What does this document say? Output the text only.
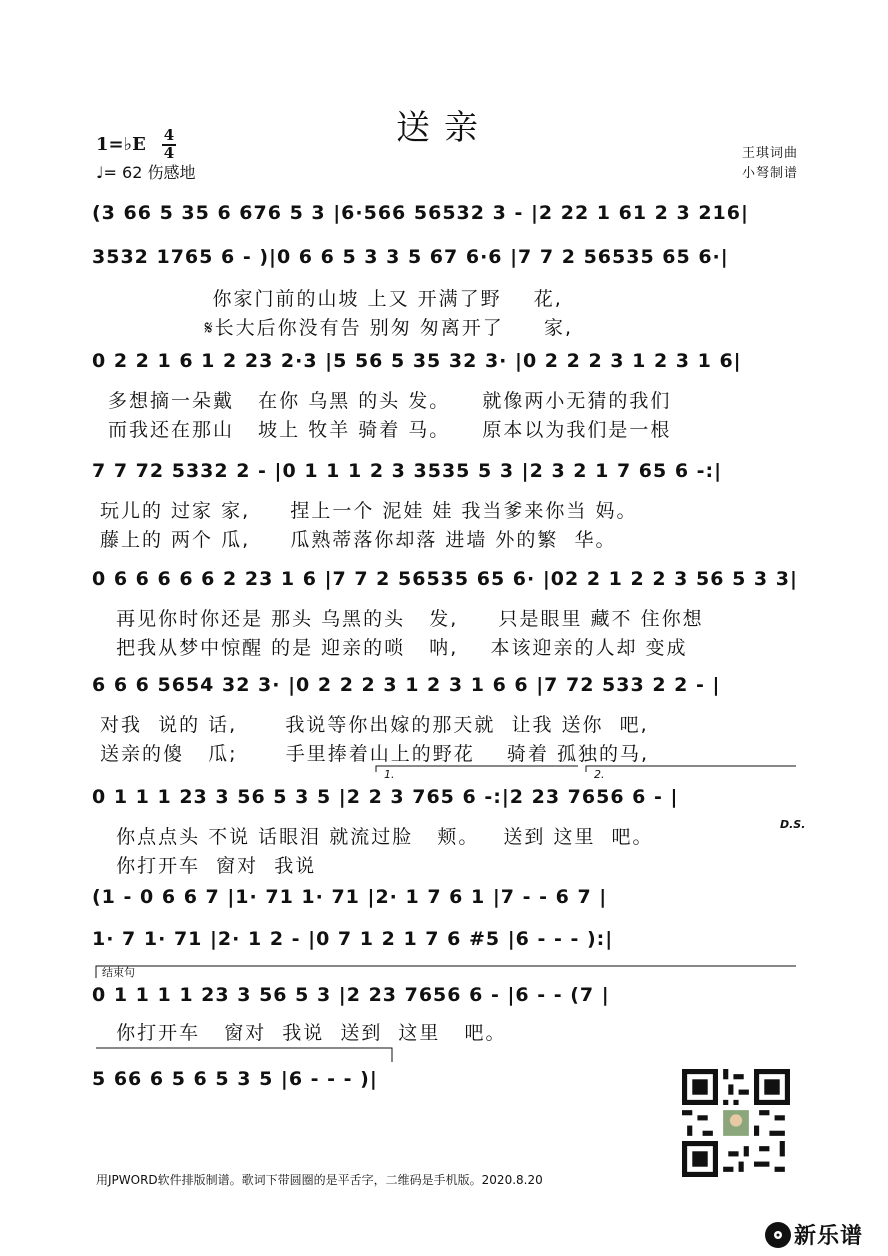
送亲
1=♭E 4
4
♩= 62 伤感地
王琪词曲
小弩制谱
(3 66 5 35 6 676 5 3 |6·566 56532 3 - |2 22 1 61 2 3 216|
3532 1765 6 - )|0 6 6 5 3 3 5 67 6·6 |7 7 2 56535 65 6·|
你家门前的山坡 上又 开满了野    花,
𝄋长大后你没有告 别匆 匆离开了     家,
0 2 2 1 6 1 2 23 2·3 |5 56 5 35 32 3· |0 2 2 2 3 1 2 3 1 6|
多想摘一朵戴   在你 乌黑 的头 发。    就像两小无猜的我们
而我还在那山   坡上 牧羊 骑着 马。    原本以为我们是一根
7 7 72 5332 2 - |0 1 1 1 2 3 3535 5 3 |2 3 2 1 7 65 6 -:|
玩儿的 过家 家,     捏上一个 泥娃 娃 我当爹来你当 妈。
藤上的 两个 瓜,     瓜熟蒂落你却落 进墙 外的繁  华。
0 6 6 6 6 6 2 23 1 6 |7 7 2 56535 65 6· |02 2 1 2 2 3 56 5 3 3|
再见你时你还是 那头 乌黑的头   发,     只是眼里 藏不 住你想
把我从梦中惊醒 的是 迎亲的唢   呐,    本该迎亲的人却 变成
6 6 6 5654 32 3· |0 2 2 2 3 1 2 3 1 6 6 |7 72 533 2 2 - |
对我  说的 话,      我说等你出嫁的那天就  让我 送你  吧,
送亲的傻   瓜;      手里捧着山上的野花    骑着 孤独的马,
1.	2.
0 1 1 1 23 3 56 5 3 5 |2 2 3 765 6 -:|2 23 7656 6 - |
你点点头 不说 话眼泪 就流过脸   颊。   送到 这里  吧。
你打开车  窗对  我说
D.S.
(1 - 0 6 6 7 |1· 71 1· 71 |2· 1 7 6 1 |7 - - 6 7 |
1· 7 1· 71 |2· 1 2 - |0 7 1 2 1 7 6 #5 |6 - - - ):|
结束句
0 1 1 1 1 23 3 56 5 3 |2 23 7656 6 - |6 - - (7 |
你打开车   窗对  我说  送到  这里   吧。
5 66 6 5 6 5 3 5 |6 - - - )|
用JPWORD软件排版制谱。歌词下带圆圈的是平舌字，二维码是手机版。2020.8.20
新乐谱
